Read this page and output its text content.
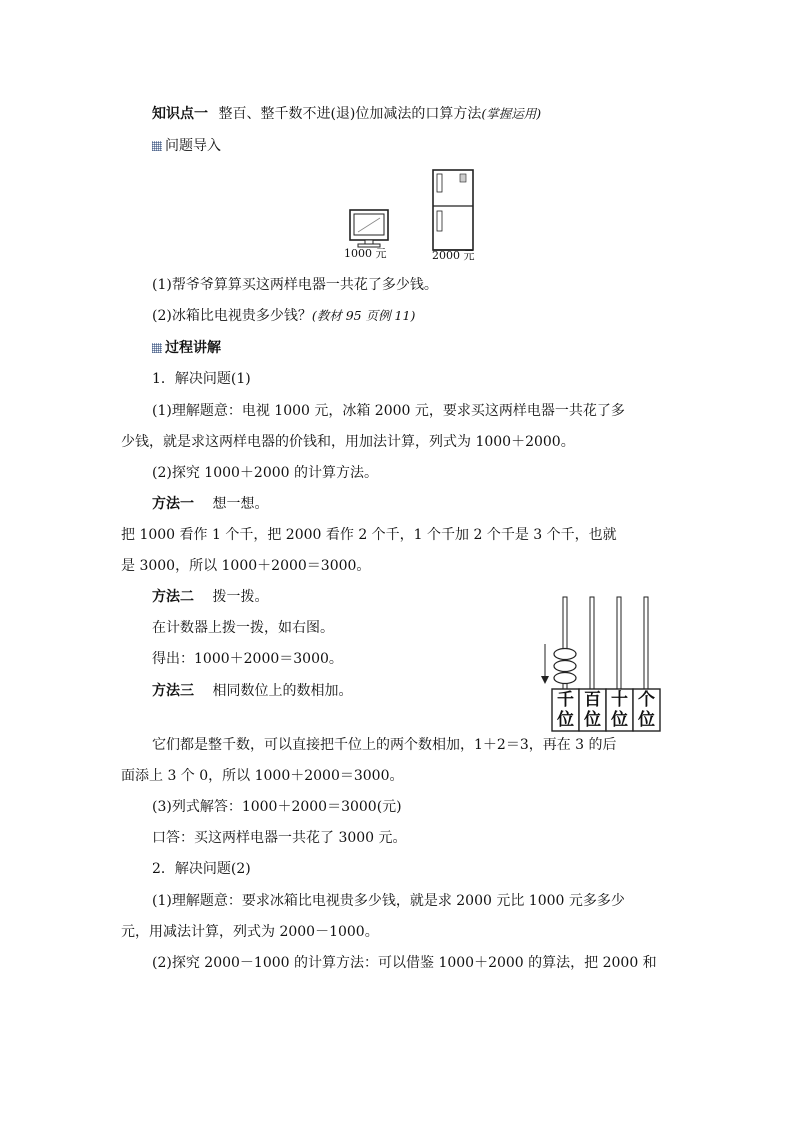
知识点一 整百、整千数不进(退)位加减法的口算方法(掌握运用)
问题导入
1000 元	2000 元
(1)帮爷爷算算买这两样电器一共花了多少钱。
(2)冰箱比电视贵多少钱？(教材 95 页例 11)
过程讲解
1．解决问题(1)
(1)理解题意：电视 1000 元，冰箱 2000 元，要求买这两样电器一共花了多
少钱，就是求这两样电器的价钱和，用加法计算，列式为 1000＋2000。
(2)探究 1000＋2000 的计算方法。
方法一 想一想。
把 1000 看作 1 个千，把 2000 看作 2 个千，1 个千加 2 个千是 3 个千，也就
是 3000，所以 1000＋2000＝3000。
方法二 拨一拨。
在计数器上拨一拨，如右图。
得出：1000＋2000＝3000。
方法三 相同数位上的数相加。	千位
百位
十位
个位
它们都是整千数，可以直接把千位上的两个数相加，1＋2＝3，再在 3 的后
面添上 3 个 0，所以 1000＋2000＝3000。
(3)列式解答：1000＋2000＝3000(元)
口答：买这两样电器一共花了 3000 元。
2．解决问题(2)
(1)理解题意：要求冰箱比电视贵多少钱，就是求 2000 元比 1000 元多多少
元，用减法计算，列式为 2000－1000。
(2)探究 2000－1000 的计算方法：可以借鉴 1000＋2000 的算法，把 2000 和
